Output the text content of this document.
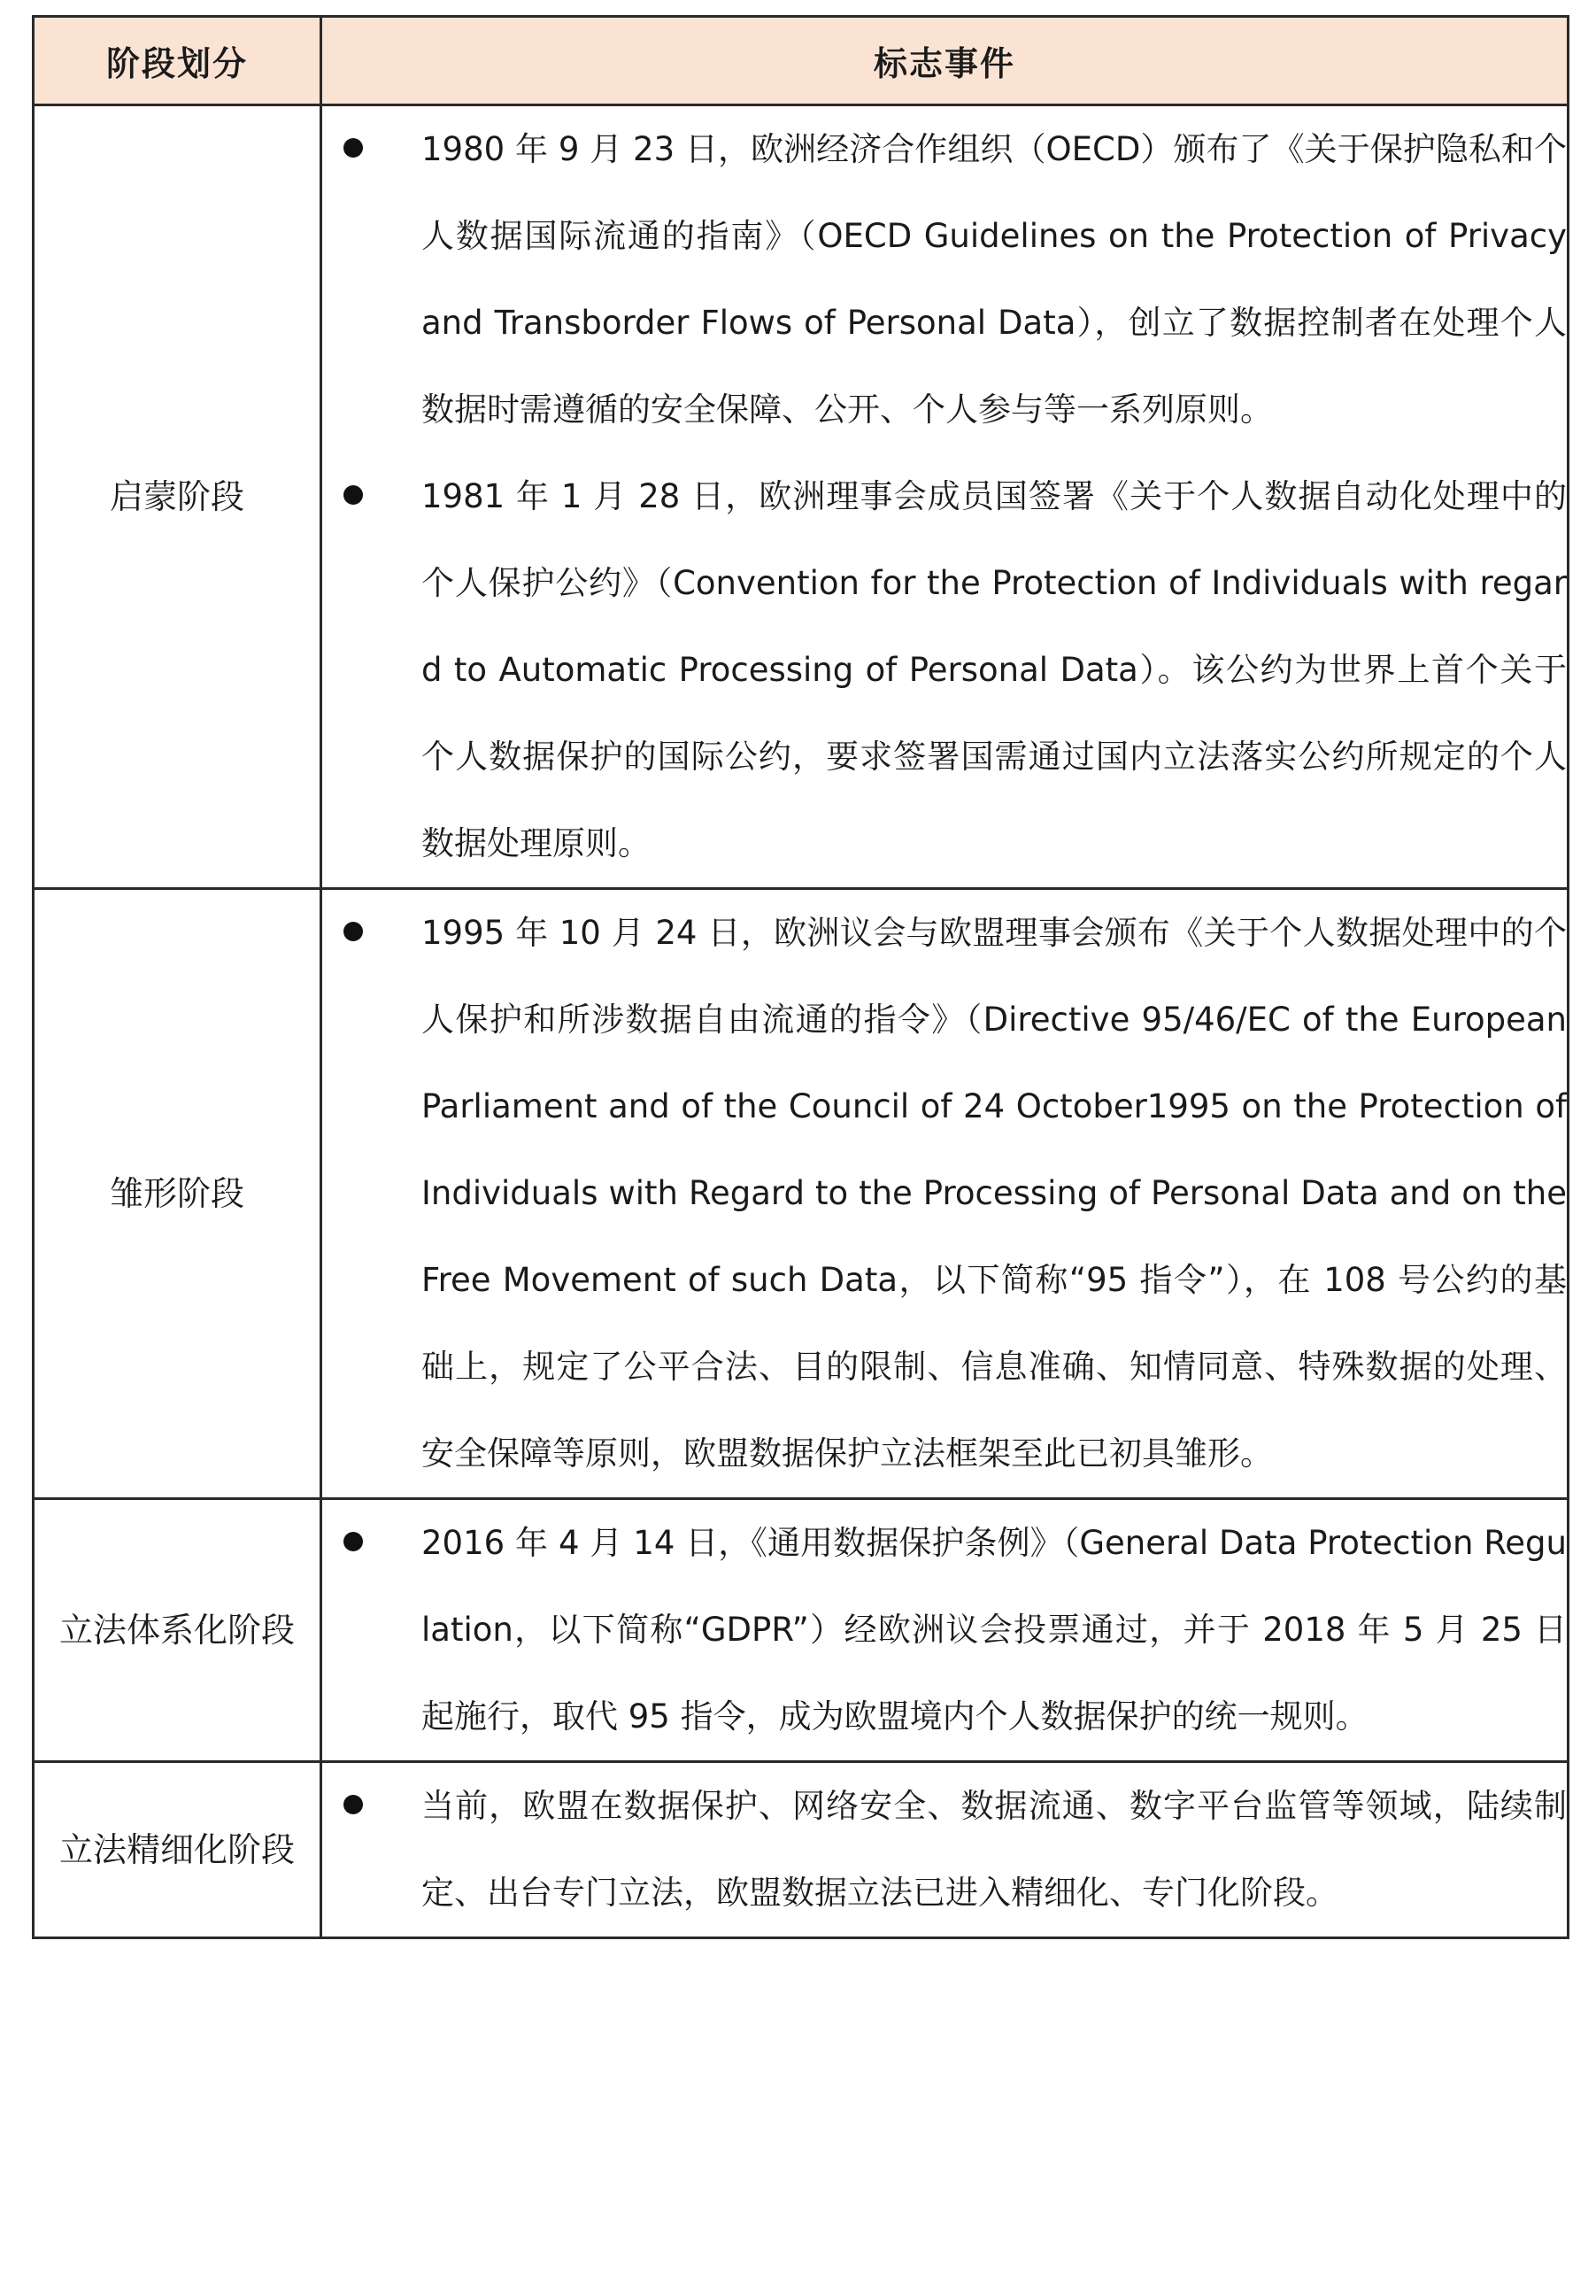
阶段划分	标志事件
启蒙阶段	1980 年 9 月 23 日，欧洲经济合作组织（OECD）颁布了《关于保护隐私和个人数据国际流通的指南》（OECD Guidelines on the Protection of Privacy and Transborder Flows of Personal Data），创立了数据控制者在处理个人数据时需遵循的安全保障、公开、个人参与等一系列原则。
1981 年 1 月 28 日，欧洲理事会成员国签署《关于个人数据自动化处理中的个人保护公约》（Convention for the Protection of Individuals with regard to Automatic Processing of Personal Data）。该公约为世界上首个关于个人数据保护的国际公约，要求签署国需通过国内立法落实公约所规定的个人数据处理原则。

雏形阶段	1995 年 10 月 24 日，欧洲议会与欧盟理事会颁布《关于个人数据处理中的个人保护和所涉数据自由流通的指令》（Directive 95/46/EC of the European Parliament and of the Council of 24 October1995 on the Protection of Individuals with Regard to the Processing of Personal Data and on the Free Movement of such Data，以下简称“95 指令”），在 108 号公约的基础上，规定了公平合法、目的限制、信息准确、知情同意、特殊数据的处理、安全保障等原则，欧盟数据保护立法框架至此已初具雏形。

立法体系化阶段	2016 年 4 月 14 日，《通用数据保护条例》（General Data Protection Regulation，以下简称“GDPR”）经欧洲议会投票通过，并于 2018 年 5 月 25 日起施行，取代 95 指令，成为欧盟境内个人数据保护的统一规则。

立法精细化阶段	当前，欧盟在数据保护、网络安全、数据流通、数字平台监管等领域，陆续制定、出台专门立法，欧盟数据立法已进入精细化、专门化阶段。
